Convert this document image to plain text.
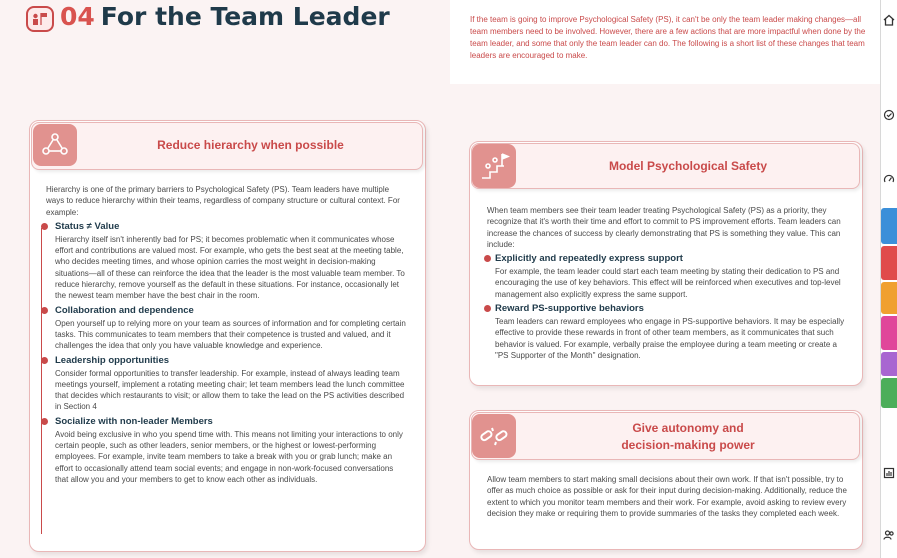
04 For the Team Leader	If the team is going to improve Psychological Safety (PS), it can't be only the team leader making changes—all team members need to be involved. However, there are a few actions that are more impactful when done by the team leader, and some that only the team leader can do. The following is a short list of these changes that team leaders are encouraged to make.
Reduce hierarchy when possible

Hierarchy is one of the primary barriers to Psychological Safety (PS). Team leaders have multiple ways to reduce hierarchy within their teams, regardless of company structure or cultural context. For example:

Status ≠ Value

Hierarchy itself isn't inherently bad for PS; it becomes problematic when it communicates whose effort and contributions are valued most. For example, who gets the best seat at the meeting table, who decides meeting times, and whose opinion carries the most weight in decision-making situations—all of these can reinforce the idea that the leader is the most valuable team member. To reduce hierarchy, remove yourself as the default in these situations. For instance, occasionally let the newest team member have the best chair in the room.

Collaboration and dependence

Open yourself up to relying more on your team as sources of information and for completing certain tasks. This communicates to team members that their competence is trusted and valued, and it challenges the idea that only you have valuable knowledge and experience.

Leadership opportunities

Consider formal opportunities to transfer leadership. For example, instead of always leading team meetings yourself, implement a rotating meeting chair; let team members lead the lunch committee that decides which restaurants to visit; or allow them to take the lead on the PS activities described in Section 4

Socialize with non-leader Members

Avoid being exclusive in who you spend time with. This means not limiting your interactions to only certain people, such as other leaders, senior members, or the highest or lowest-performing employees. For example, invite team members to take a break with you or grab lunch; make an effort to occasionally attend team social events; and engage in non-work-focused conversations that allow you and your members to get to know each other as individuals.

Model Psychological Safety

When team members see their team leader treating Psychological Safety (PS) as a priority, they recognize that it's worth their time and effort to commit to PS improvement efforts. Team leaders can increase the chances of success by clearly demonstrating that PS is something they value. This can include:

Explicitly and repeatedly express support

For example, the team leader could start each team meeting by stating their dedication to PS and encouraging the use of key behaviors. This effect will be reinforced when executives and top-level management also explicitly express the same support.

Reward PS-supportive behaviors

Team leaders can reward employees who engage in PS-supportive behaviors. It may be especially effective to provide these rewards in front of other team members, as it communicates that such behavior is valued. For example, verbally praise the employee during a team meeting or create a "PS Supporter of the Month" designation.

Give autonomy and
decision-making power

Allow team members to start making small decisions about their own work. If that isn't possible, try to offer as much choice as possible or ask for their input during decision-making. Additionally, reduce the extent to which you monitor team members and their work. For example, avoid asking to review every decision they make or requiring them to provide summaries of the tasks they completed each week.
